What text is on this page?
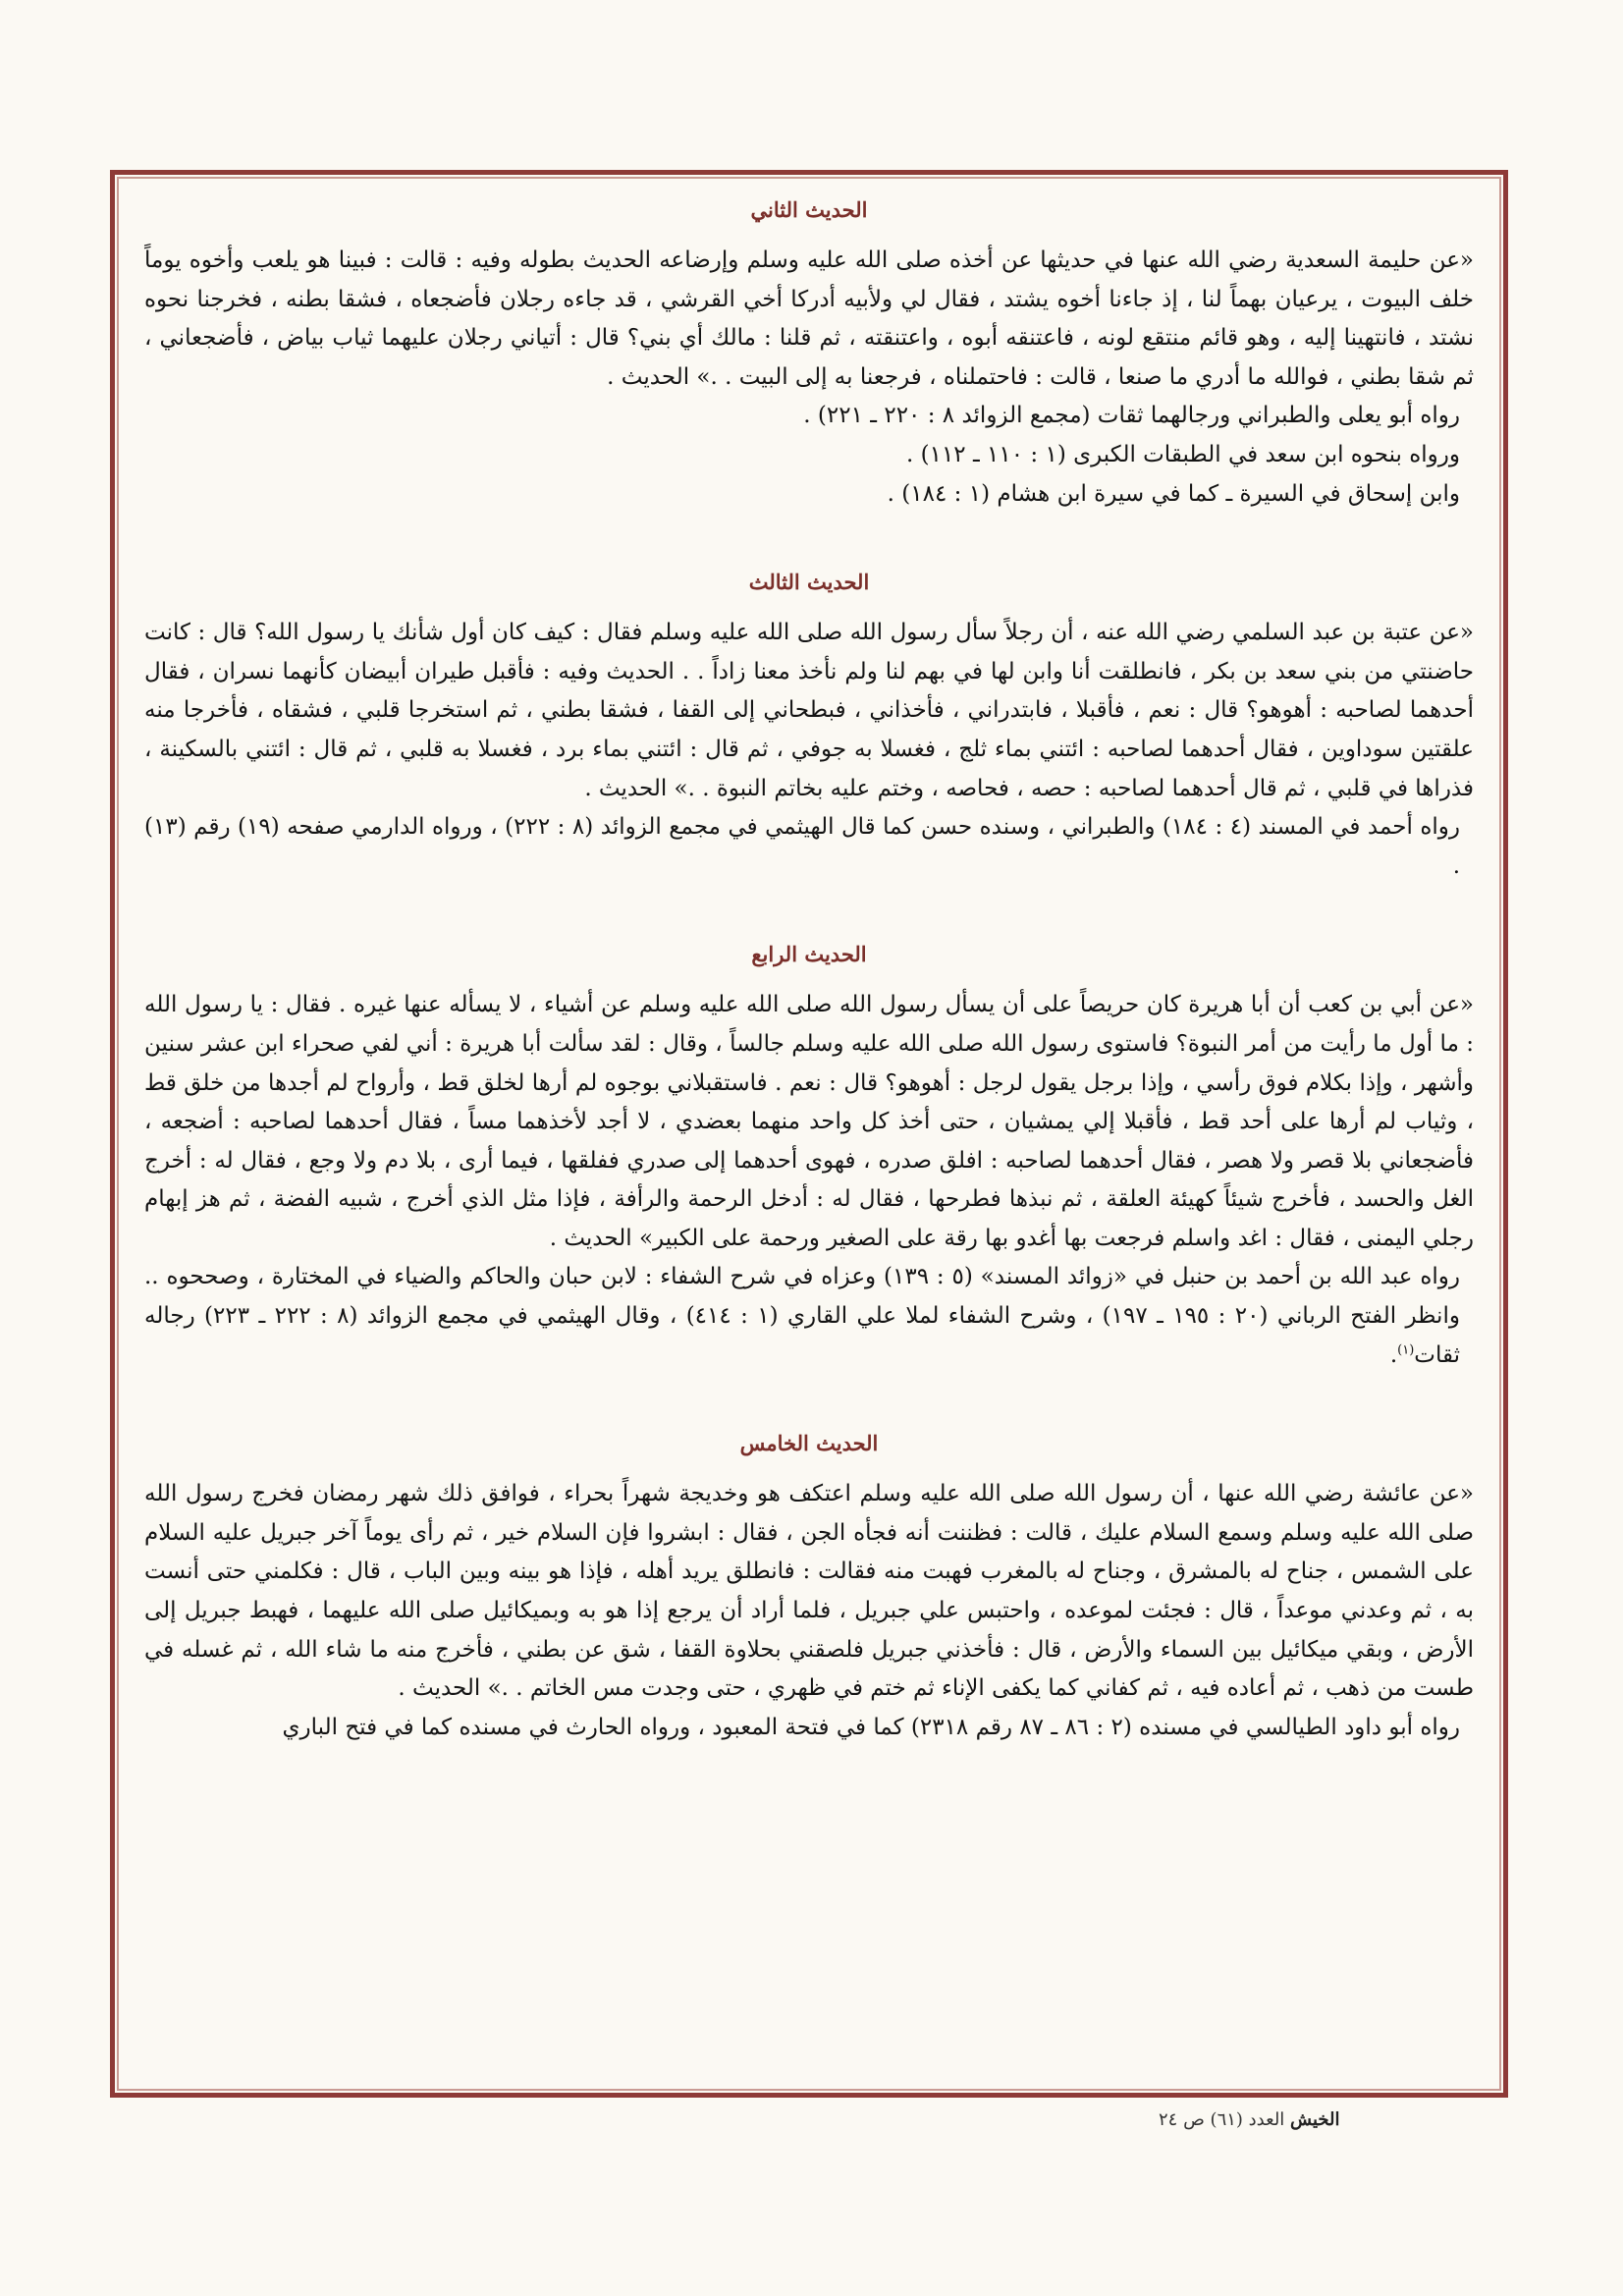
الحديث الثاني

«عن حليمة السعدية رضي الله عنها في حديثها عن أخذه صلى الله عليه وسلم وإرضاعه الحديث بطوله وفيه : قالت : فبينا هو يلعب وأخوه يوماً خلف البيوت ، يرعيان بهماً لنا ، إذ جاءنا أخوه يشتد ، فقال لي ولأبيه أدركا أخي القرشي ، قد جاءه رجلان فأضجعاه ، فشقا بطنه ، فخرجنا نحوه نشتد ، فانتهينا إليه ، وهو قائم منتقع لونه ، فاعتنقه أبوه ، واعتنقته ، ثم قلنا : مالك أي بني؟ قال : أتياني رجلان عليهما ثياب بياض ، فأضجعاني ، ثم شقا بطني ، فوالله ما أدري ما صنعا ، قالت : فاحتملناه ، فرجعنا به إلى البيت . .» الحديث .

رواه أبو يعلى والطبراني ورجالهما ثقات (مجمع الزوائد ٨ : ٢٢٠ ـ ٢٢١) .

ورواه بنحوه ابن سعد في الطبقات الكبرى (١ : ١١٠ ـ ١١٢) .

وابن إسحاق في السيرة ـ كما في سيرة ابن هشام (١ : ١٨٤) .

الحديث الثالث

«عن عتبة بن عبد السلمي رضي الله عنه ، أن رجلاً سأل رسول الله صلى الله عليه وسلم فقال : كيف كان أول شأنك يا رسول الله؟ قال : كانت حاضنتي من بني سعد بن بكر ، فانطلقت أنا وابن لها في بهم لنا ولم نأخذ معنا زاداً . . الحديث وفيه : فأقبل طيران أبيضان كأنهما نسران ، فقال أحدهما لصاحبه : أهوهو؟ قال : نعم ، فأقبلا ، فابتدراني ، فأخذاني ، فبطحاني إلى القفا ، فشقا بطني ، ثم استخرجا قلبي ، فشقاه ، فأخرجا منه علقتين سوداوين ، فقال أحدهما لصاحبه : ائتني بماء ثلج ، فغسلا به جوفي ، ثم قال : ائتني بماء برد ، فغسلا به قلبي ، ثم قال : ائتني بالسكينة ، فذراها في قلبي ، ثم قال أحدهما لصاحبه : حصه ، فحاصه ، وختم عليه بخاتم النبوة . .» الحديث .

رواه أحمد في المسند (٤ : ١٨٤) والطبراني ، وسنده حسن كما قال الهيثمي في مجمع الزوائد (٨ : ٢٢٢) ، ورواه الدارمي صفحه (١٩) رقم (١٣) .

الحديث الرابع

«عن أبي بن كعب أن أبا هريرة كان حريصاً على أن يسأل رسول الله صلى الله عليه وسلم عن أشياء ، لا يسأله عنها غيره . فقال : يا رسول الله : ما أول ما رأيت من أمر النبوة؟ فاستوى رسول الله صلى الله عليه وسلم جالساً ، وقال : لقد سألت أبا هريرة : أني لفي صحراء ابن عشر سنين وأشهر ، وإذا بكلام فوق رأسي ، وإذا برجل يقول لرجل : أهوهو؟ قال : نعم . فاستقبلاني بوجوه لم أرها لخلق قط ، وأرواح لم أجدها من خلق قط ، وثياب لم أرها على أحد قط ، فأقبلا إلي يمشيان ، حتى أخذ كل واحد منهما بعضدي ، لا أجد لأخذهما مساً ، فقال أحدهما لصاحبه : أضجعه ، فأضجعاني بلا قصر ولا هصر ، فقال أحدهما لصاحبه : افلق صدره ، فهوى أحدهما إلى صدري ففلقها ، فيما أرى ، بلا دم ولا وجع ، فقال له : أخرج الغل والحسد ، فأخرج شيئاً كهيئة العلقة ، ثم نبذها فطرحها ، فقال له : أدخل الرحمة والرأفة ، فإذا مثل الذي أخرج ، شبيه الفضة ، ثم هز إبهام رجلي اليمنى ، فقال : اغد واسلم فرجعت بها أغدو بها رقة على الصغير ورحمة على الكبير» الحديث .

رواه عبد الله بن أحمد بن حنبل في «زوائد المسند» (٥ : ١٣٩) وعزاه في شرح الشفاء : لابن حبان والحاكم والضياء في المختارة ، وصححوه .. وانظر الفتح الرباني (٢٠ : ١٩٥ ـ ١٩٧) ، وشرح الشفاء لملا علي القاري (١ : ٤١٤) ، وقال الهيثمي في مجمع الزوائد (٨ : ٢٢٢ ـ ٢٢٣) رجاله ثقات$^{(١)}$.

الحديث الخامس

«عن عائشة رضي الله عنها ، أن رسول الله صلى الله عليه وسلم اعتكف هو وخديجة شهراً بحراء ، فوافق ذلك شهر رمضان فخرج رسول الله صلى الله عليه وسلم وسمع السلام عليك ، قالت : فظننت أنه فجأه الجن ، فقال : ابشروا فإن السلام خير ، ثم رأى يوماً آخر جبريل عليه السلام على الشمس ، جناح له بالمشرق ، وجناح له بالمغرب فهبت منه فقالت : فانطلق يريد أهله ، فإذا هو بينه وبين الباب ، قال : فكلمني حتى أنست به ، ثم وعدني موعداً ، قال : فجئت لموعده ، واحتبس علي جبريل ، فلما أراد أن يرجع إذا هو به وبميكائيل صلى الله عليهما ، فهبط جبريل إلى الأرض ، وبقي ميكائيل بين السماء والأرض ، قال : فأخذني جبريل فلصقني بحلاوة القفا ، شق عن بطني ، فأخرج منه ما شاء الله ، ثم غسله في طست من ذهب ، ثم أعاده فيه ، ثم كفاني كما يكفى الإناء ثم ختم في ظهري ، حتى وجدت مس الخاتم . .» الحديث .

رواه أبو داود الطيالسي في مسنده (٢ : ٨٦ ـ ٨٧ رقم ٢٣١٨) كما في فتحة المعبود ، ورواه الحارث في مسنده كما في فتح الباري

الخيش العدد (٦١) ص ٢٤
